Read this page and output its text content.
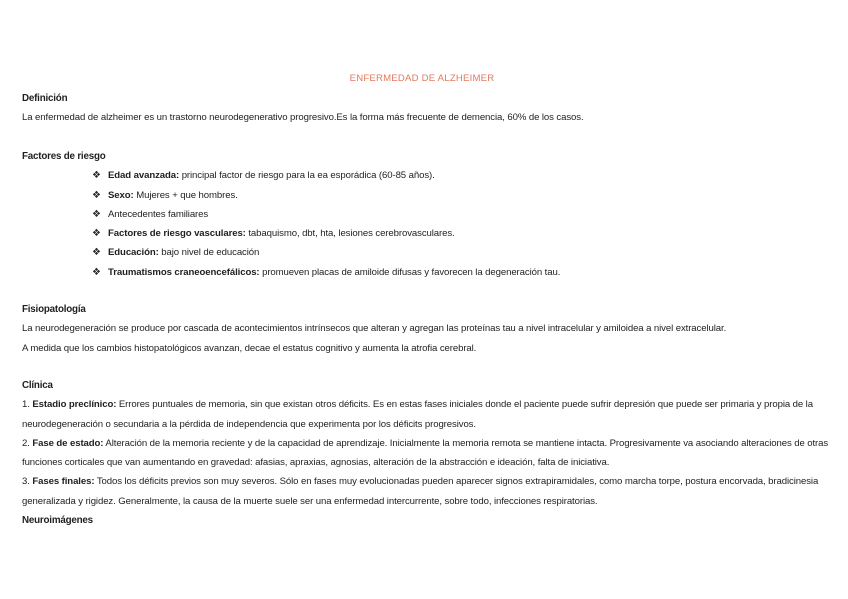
ENFERMEDAD DE ALZHEIMER
Definición

La enfermedad de alzheimer es un trastorno neurodegenerativo progresivo.Es la forma más frecuente de demencia, 60% de los casos.

Factores de riesgo
❖ Edad avanzada: principal factor de riesgo para la ea esporádica (60-85 años).
❖ Sexo: Mujeres + que hombres.
❖ Antecedentes familiares
❖ Factores de riesgo vasculares: tabaquismo, dbt, hta, lesiones cerebrovasculares.
❖ Educación: bajo nivel de educación
❖ Traumatismos craneoencefálicos: promueven placas de amiloide difusas y favorecen la degeneración tau.
Fisiopatología

La neurodegeneración se produce por cascada de acontecimientos intrínsecos que alteran y agregan las proteínas tau a nivel intracelular y amiloidea a nivel extracelular.

A medida que los cambios histopatológicos avanzan, decae el estatus cognitivo y aumenta la atrofia cerebral.

Clínica

1. Estadio preclínico: Errores puntuales de memoria, sin que existan otros déficits. Es en estas fases iniciales donde el paciente puede sufrir depresión que puede ser primaria y propia de la neurodegeneración o secundaria a la pérdida de independencia que experimenta por los déficits progresivos.

2. Fase de estado: Alteración de la memoria reciente y de la capacidad de aprendizaje. Inicialmente la memoria remota se mantiene intacta. Progresivamente va asociando alteraciones de otras funciones corticales que van aumentando en gravedad: afasias, apraxias, agnosias, alteración de la abstracción e ideación, falta de iniciativa.

3. Fases finales: Todos los déficits previos son muy severos. Sólo en fases muy evolucionadas pueden aparecer signos extrapiramidales, como marcha torpe, postura encorvada, bradicinesia generalizada y rigidez. Generalmente, la causa de la muerte suele ser una enfermedad intercurrente, sobre todo, infecciones respiratorias.

Neuroimágenes
